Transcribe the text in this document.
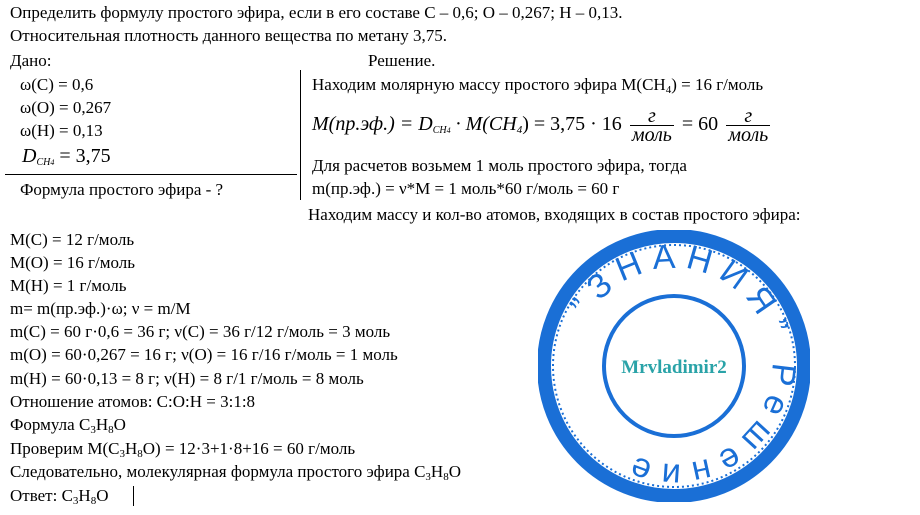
Определить формулу простого эфира, если в его составе С – 0,6; О – 0,267; Н – 0,13.
Относительная плотность данного вещества по метану 3,75.
Дано:
ω(С) = 0,6
ω(О) = 0,267
ω(Н) = 0,13
$D_{CH4} = 3,75$
Формула простого эфира - ?
Решение.
Находим молярную массу простого эфира $M(CH_4) = 16$ г/моль
$M(пр.эф.) = D_{CH4} \cdot M(CH_4) = 3,75 \cdot 16 \frac{г}{\text{моль}} = 60 \frac{г}{\text{моль}}$
Для расчетов возьмем 1 моль простого эфира, тогда
m(пр.эф.) = ν*M = 1 моль*60 г/моль = 60 г
Находим массу и кол-во атомов, входящих в состав простого эфира:
M(C) = 12 г/моль
M(O) = 16 г/моль
M(H) = 1 г/моль
m= m(пр.эф.)·ω; ν = m/M
m(C) = 60 г·0,6 = 36 г; ν(C) = 36 г/12 г/моль = 3 моль
m(O) = 60·0,267 = 16 г; ν(O) = 16 г/16 г/моль = 1 моль
m(H) = 60·0,13 = 8 г; ν(H) = 8 г/1 г/моль = 8 моль
Отношение атомов: C:O:H = 3:1:8
Формула $C_3H_8O$
Проверим $M(C_3H_8O) = 12\cdot 3+1\cdot 8+16 = 60$ г/моль
Следовательно, молекулярная формула простого эфира $C_3H_8O$
Ответ: $C_3H_8O$
”ЗНАНИЯ” Решение
Mrvladimir2
